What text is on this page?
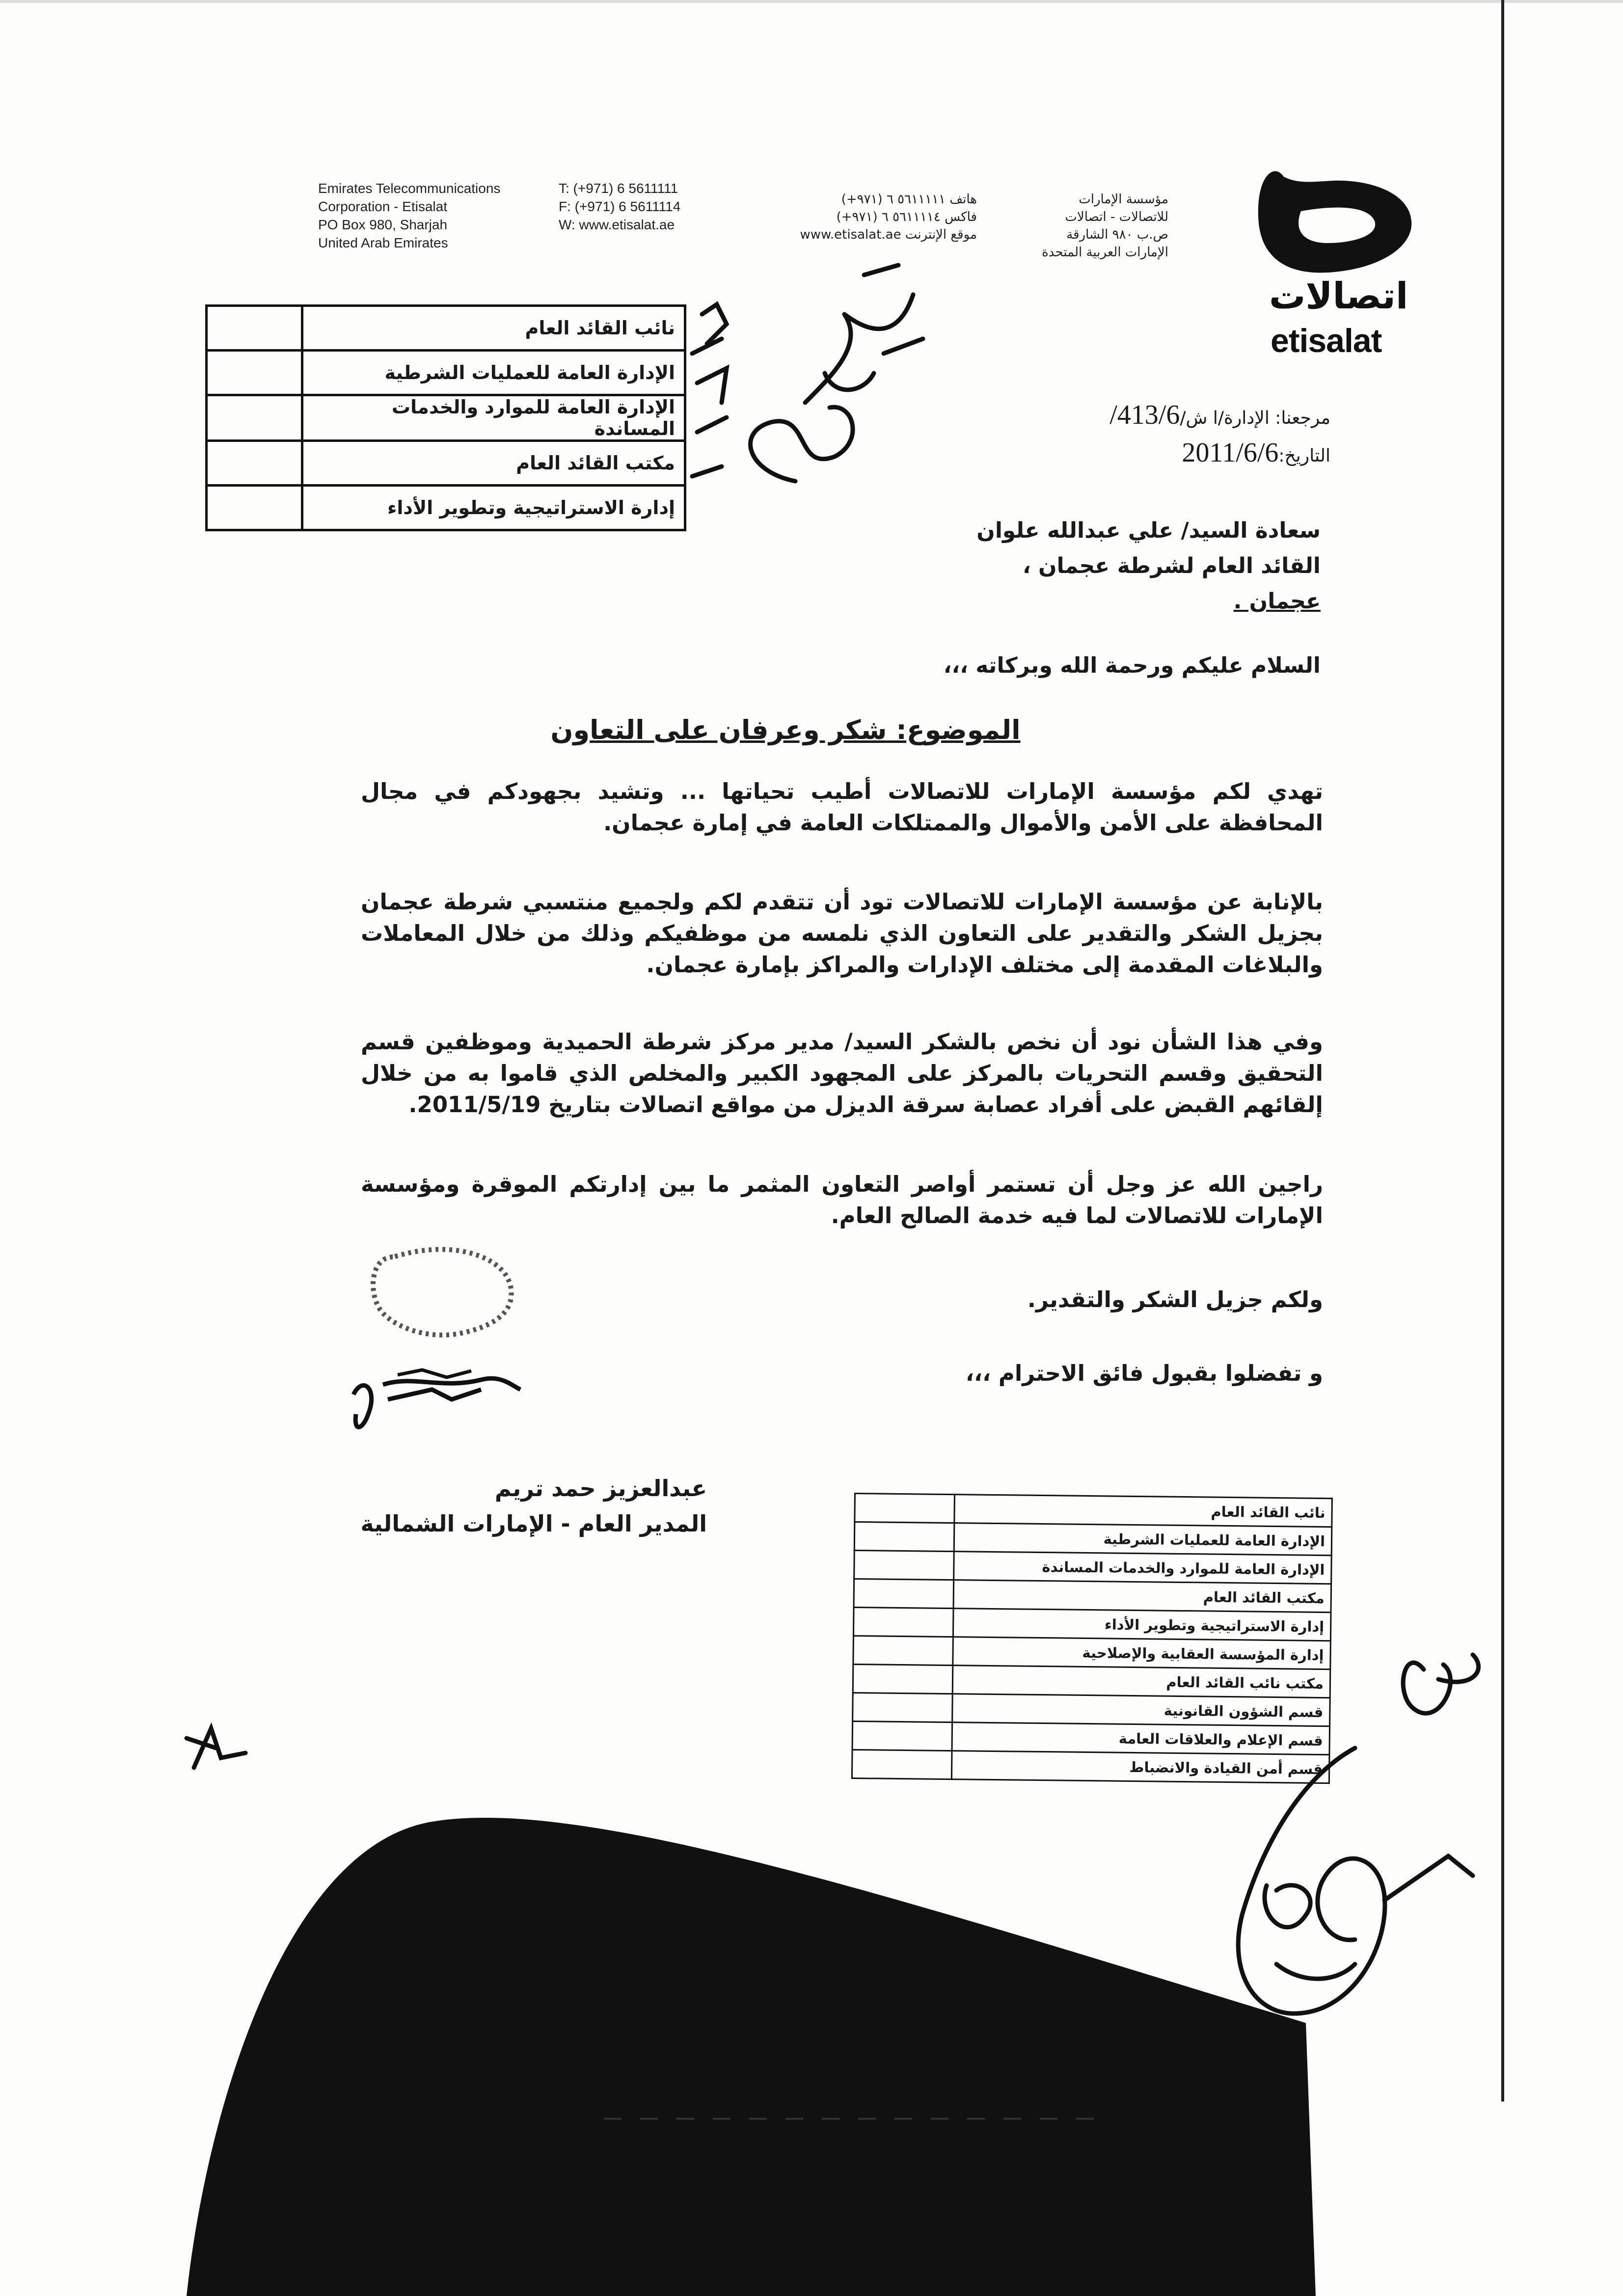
Emirates Telecommunications
Corporation - Etisalat
PO Box 980, Sharjah
United Arab Emirates
T: (+971) 6 5611111
F: (+971) 6 5611114
W: www.etisalat.ae
هاتف ٥٦١١١١١ ٦ (٩٧١+)
فاكس ٥٦١١١١٤ ٦ (٩٧١+)
موقع الإنترنت www.etisalat.ae
مؤسسة الإمارات
للاتصالات - اتصالات
ص.ب ٩٨٠ الشارقة
الإمارات العربية المتحدة
اتصالات
etisalat
	نائب القائد العام
	الإدارة العامة للعمليات الشرطية
	الإدارة العامة للموارد والخدمات المساندة
	مكتب القائد العام
	إدارة الاستراتيجية وتطوير الأداء
مرجعنا: الإدارة/ا ش/413/6/
التاريخ:2011/6/6
سعادة السيد/ علي عبدالله علوان
القائد العام لشرطة عجمان ،
عجمان .
السلام عليكم ورحمة الله وبركاته ،،،
الموضوع: شكر وعرفان على التعاون
تهدي لكم مؤسسة الإمارات للاتصالات أطيب تحياتها ... وتشيد بجهودكم في مجال المحافظة على الأمن والأموال والممتلكات العامة في إمارة عجمان.
بالإنابة عن مؤسسة الإمارات للاتصالات تود أن تتقدم لكم ولجميع منتسبي شرطة عجمان بجزيل الشكر والتقدير على التعاون الذي نلمسه من موظفيكم وذلك من خلال المعاملات والبلاغات المقدمة إلى مختلف الإدارات والمراكز بإمارة عجمان.
وفي هذا الشأن نود أن نخص بالشكر السيد/ مدير مركز شرطة الحميدية وموظفين قسم التحقيق وقسم التحريات بالمركز على المجهود الكبير والمخلص الذي قاموا به من خلال إلقائهم القبض على أفراد عصابة سرقة الديزل من مواقع اتصالات بتاريخ 2011/5/19.
راجين الله عز وجل أن تستمر أواصر التعاون المثمر ما بين إدارتكم الموقرة ومؤسسة الإمارات للاتصالات لما فيه خدمة الصالح العام.
ولكم جزيل الشكر والتقدير.
و تفضلوا بقبول فائق الاحترام ،،،
عبدالعزيز حمد تريم
المدير العام - الإمارات الشمالية
		نائب القائد العام
	الإدارة العامة للعمليات الشرطية
	الإدارة العامة للموارد والخدمات المساندة
	مكتب القائد العام
	إدارة الاستراتيجية وتطوير الأداء
	إدارة المؤسسة العقابية والإصلاحية
	مكتب نائب القائد العام
	قسم الشؤون القانونية
	قسم الإعلام والعلاقات العامة
	قسم أمن القيادة والانضباط
